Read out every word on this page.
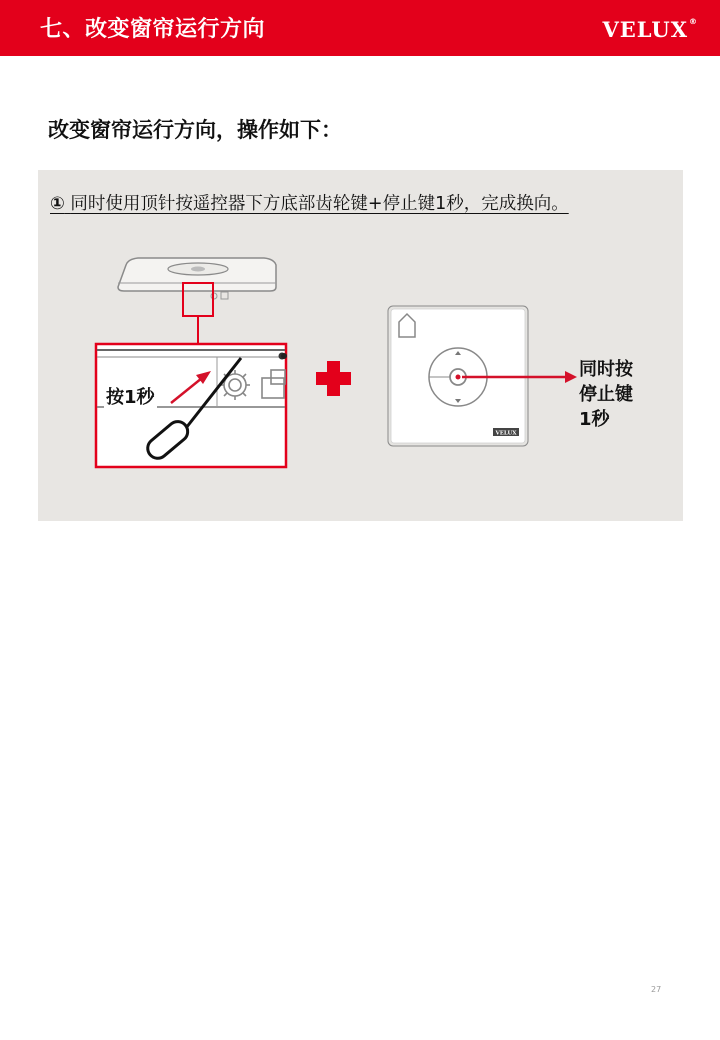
七、改变窗帘运行方向	VELUX®
改变窗帘运行方向，操作如下：
① 同时使用顶针按遥控器下方底部齿轮键+停止键1秒，完成换向。
VELUX
按1秒
同时按
停止键
1秒
27
